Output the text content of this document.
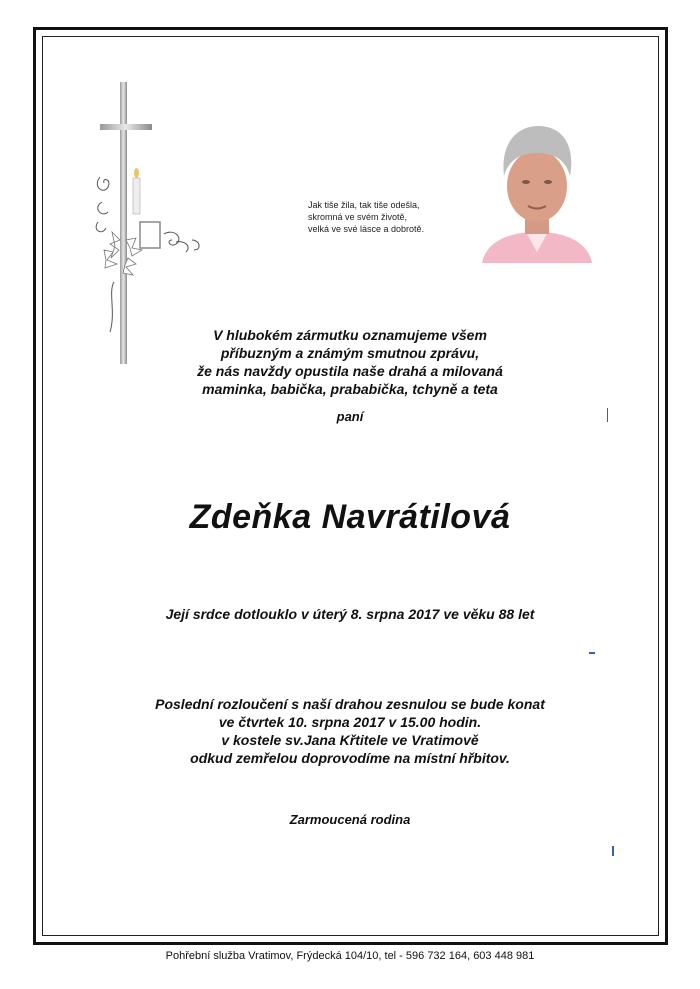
Jak tiše žila, tak tiše odešla,
skromná ve svém životě,
velká ve své lásce a dobrotě.
V hlubokém zármutku oznamujeme všem
příbuzným a známým smutnou zprávu,
že nás navždy opustila naše drahá a milovaná
maminka, babička, prababička, tchyně a teta
paní
Zdeňka Navrátilová
Její srdce dotlouklo v úterý 8. srpna 2017 ve věku 88 let
Poslední rozloučení s naší drahou zesnulou se bude konat
ve čtvrtek 10. srpna 2017 v 15.00 hodin.
v kostele sv.Jana Křtitele ve Vratimově
odkud zemřelou doprovodíme na místní hřbitov.
Zarmoucená rodina
Pohřební služba Vratimov, Frýdecká 104/10, tel - 596 732 164, 603 448 981
